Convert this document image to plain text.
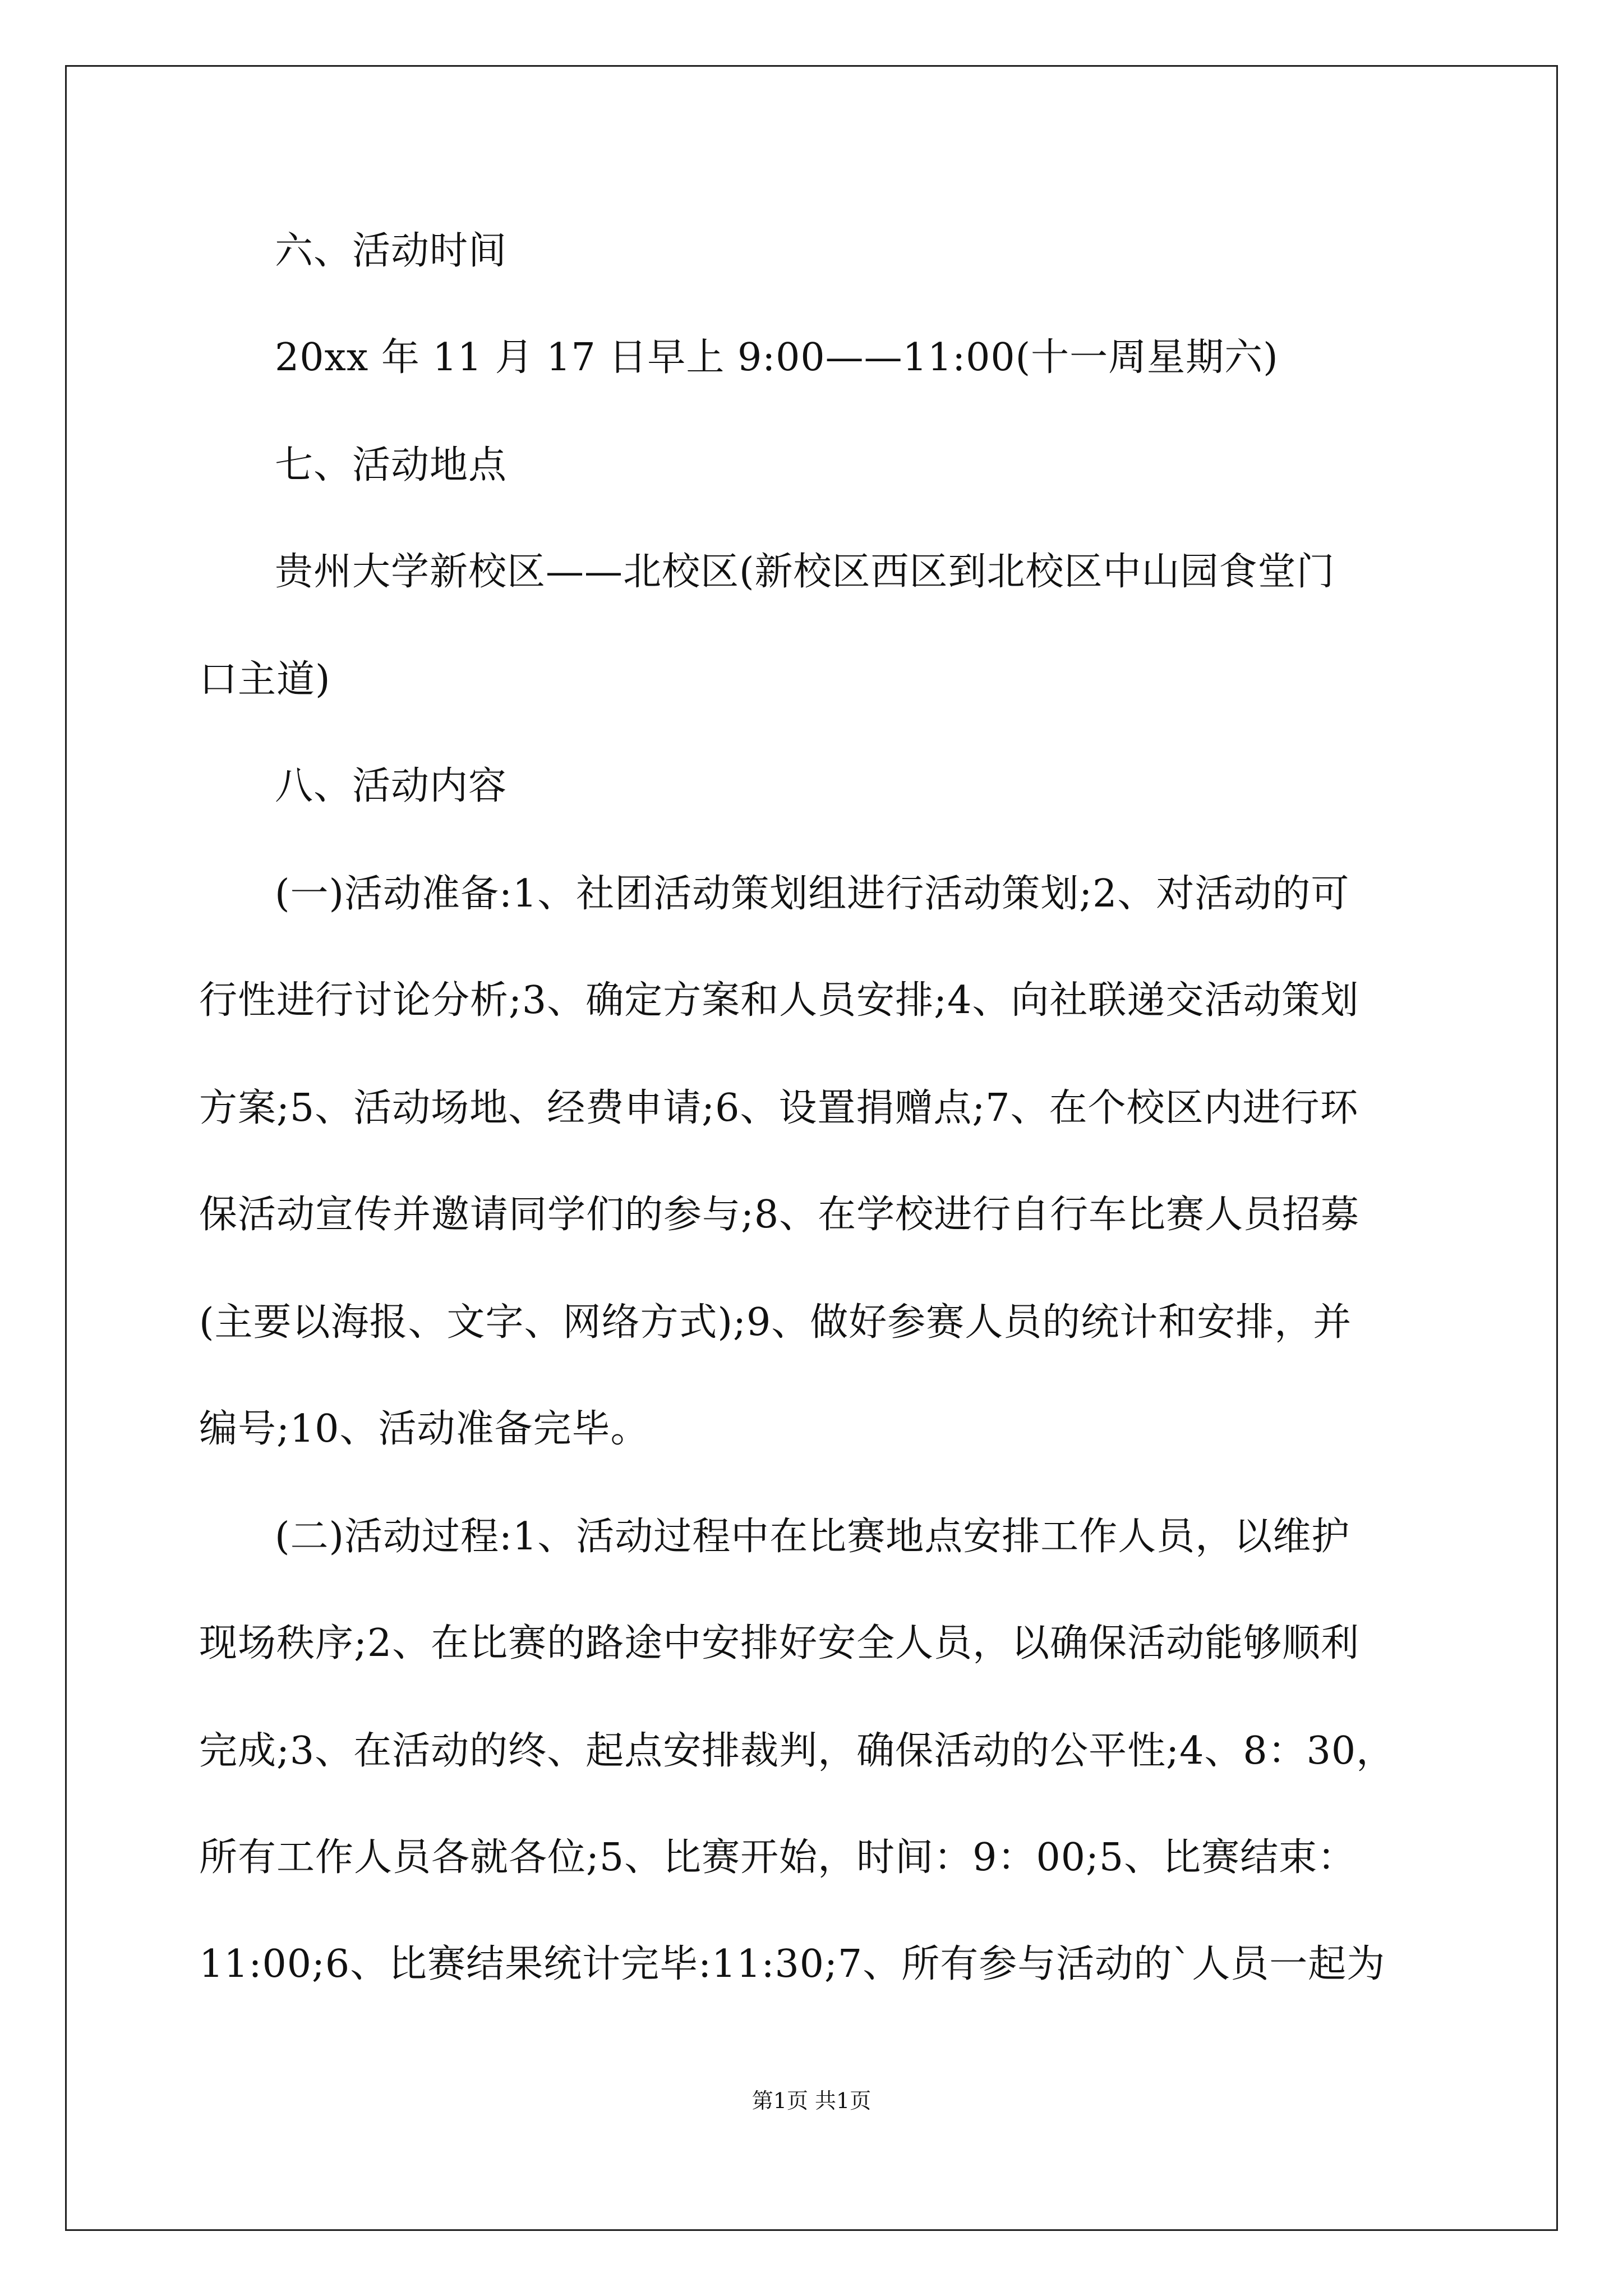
六、活动时间
20xx 年 11 月 17 日早上 9:00——11:00(十一周星期六)
七、活动地点
贵州大学新校区——北校区(新校区西区到北校区中山园食堂门
口主道)
八、活动内容
(一)活动准备:1、社团活动策划组进行活动策划;2、对活动的可
行性进行讨论分析;3、确定方案和人员安排;4、向社联递交活动策划
方案;5、活动场地、经费申请;6、设置捐赠点;7、在个校区内进行环
保活动宣传并邀请同学们的参与;8、在学校进行自行车比赛人员招募
(主要以海报、文字、网络方式);9、做好参赛人员的统计和安排，并
编号;10、活动准备完毕。
(二)活动过程:1、活动过程中在比赛地点安排工作人员，以维护
现场秩序;2、在比赛的路途中安排好安全人员，以确保活动能够顺利
完成;3、在活动的终、起点安排裁判，确保活动的公平性;4、8：30，
所有工作人员各就各位;5、比赛开始，时间：9：00;5、比赛结束：
11:00;6、比赛结果统计完毕:11:30;7、所有参与活动的`人员一起为
第1页 共1页
